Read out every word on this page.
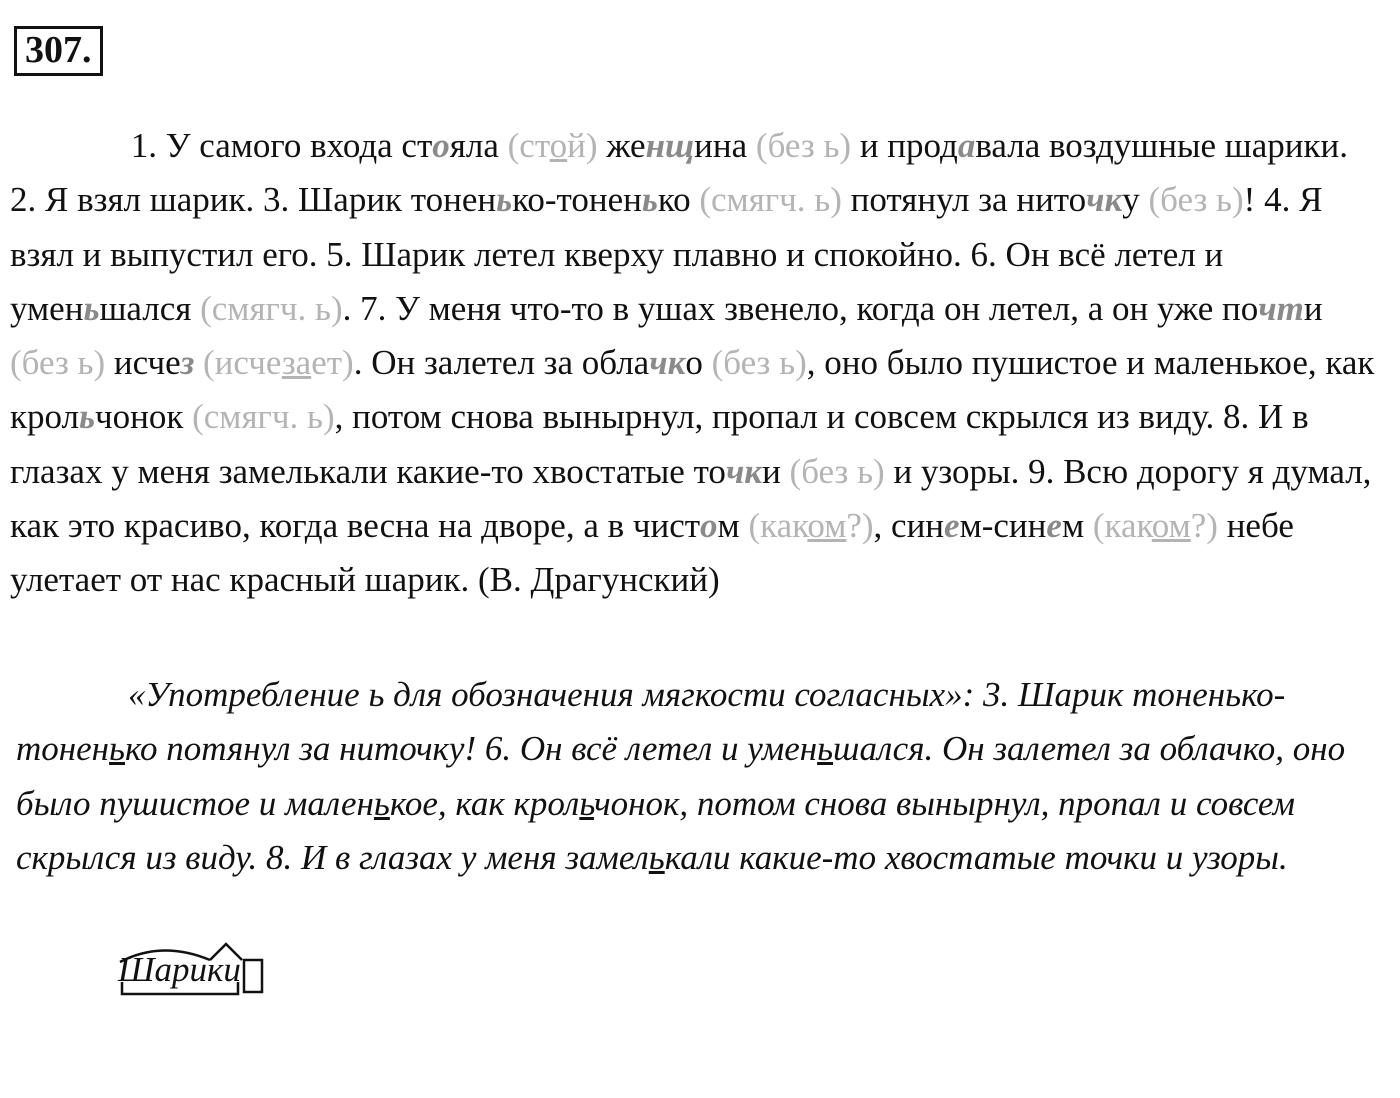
307.

1. У самого входа стояла (стой) женщина (без ь) и продавала воздушные шарики. 2. Я взял шарик. 3. Шарик тоненько-тоненько (смягч. ь) потянул за ниточку (без ь)! 4. Я взял и выпустил его. 5. Шарик летел кверху плавно и спокойно. 6. Он всё летел и уменьшался (смягч. ь). 7. У меня что-то в ушах звенело, когда он летел, а он уже почти (без ь) исчез (исчезает). Он залетел за облачко (без ь), оно было пушистое и маленькое, как крольчонок (смягч. ь), потом снова вынырнул, пропал и совсем скрылся из виду. 8. И в глазах у меня замелькали какие-то хвостатые точки (без ь) и узоры. 9. Всю дорогу я думал, как это красиво, когда весна на дворе, а в чистом (каком?), синем-синем (каком?) небе улетает от нас красный шарик. (В. Драгунский)

«Употребление ь для обозначения мягкости согласных»: 3. Шарик тоненько-тоненько потянул за ниточку! 6. Он всё летел и уменьшался. Он залетел за облачко, оно было пушистое и маленькое, как крольчонок, потом снова вынырнул, пропал и совсем скрылся из виду. 8. И в глазах у меня замелькали какие-то хвостатые точки и узоры.

Шарики
